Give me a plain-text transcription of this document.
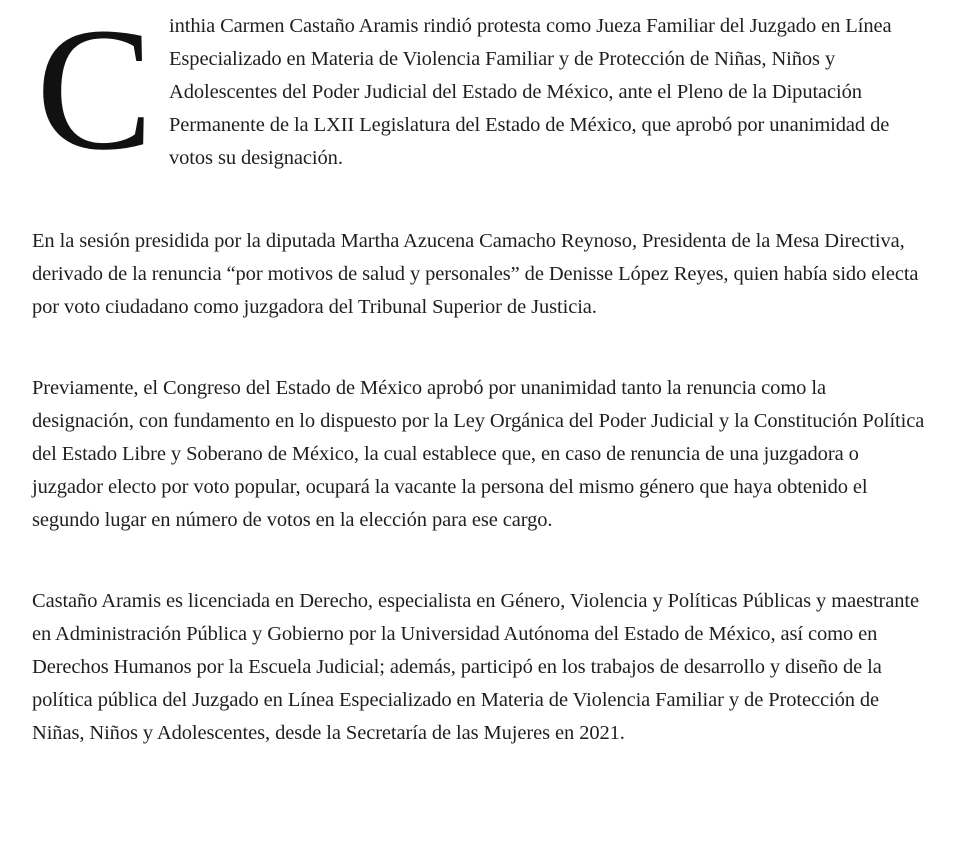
C inthia Carmen Castaño Aramis rindió protesta como Jueza Familiar del Juzgado en Línea Especializado en Materia de Violencia Familiar y de Protección de Niñas, Niños y Adolescentes del Poder Judicial del Estado de México, ante el Pleno de la Diputación Permanente de la LXII Legislatura del Estado de México, que aprobó por unanimidad de votos su designación.

En la sesión presidida por la diputada Martha Azucena Camacho Reynoso, Presidenta de la Mesa Directiva, derivado de la renuncia “por motivos de salud y personales” de Denisse López Reyes, quien había sido electa por voto ciudadano como juzgadora del Tribunal Superior de Justicia.

Previamente, el Congreso del Estado de México aprobó por unanimidad tanto la renuncia como la designación, con fundamento en lo dispuesto por la Ley Orgánica del Poder Judicial y la Constitución Política del Estado Libre y Soberano de México, la cual establece que, en caso de renuncia de una juzgadora o juzgador electo por voto popular, ocupará la vacante la persona del mismo género que haya obtenido el segundo lugar en número de votos en la elección para ese cargo.

Castaño Aramis es licenciada en Derecho, especialista en Género, Violencia y Políticas Públicas y maestrante en Administración Pública y Gobierno por la Universidad Autónoma del Estado de México, así como en Derechos Humanos por la Escuela Judicial; además, participó en los trabajos de desarrollo y diseño de la política pública del Juzgado en Línea Especializado en Materia de Violencia Familiar y de Protección de Niñas, Niños y Adolescentes, desde la Secretaría de las Mujeres en 2021.
